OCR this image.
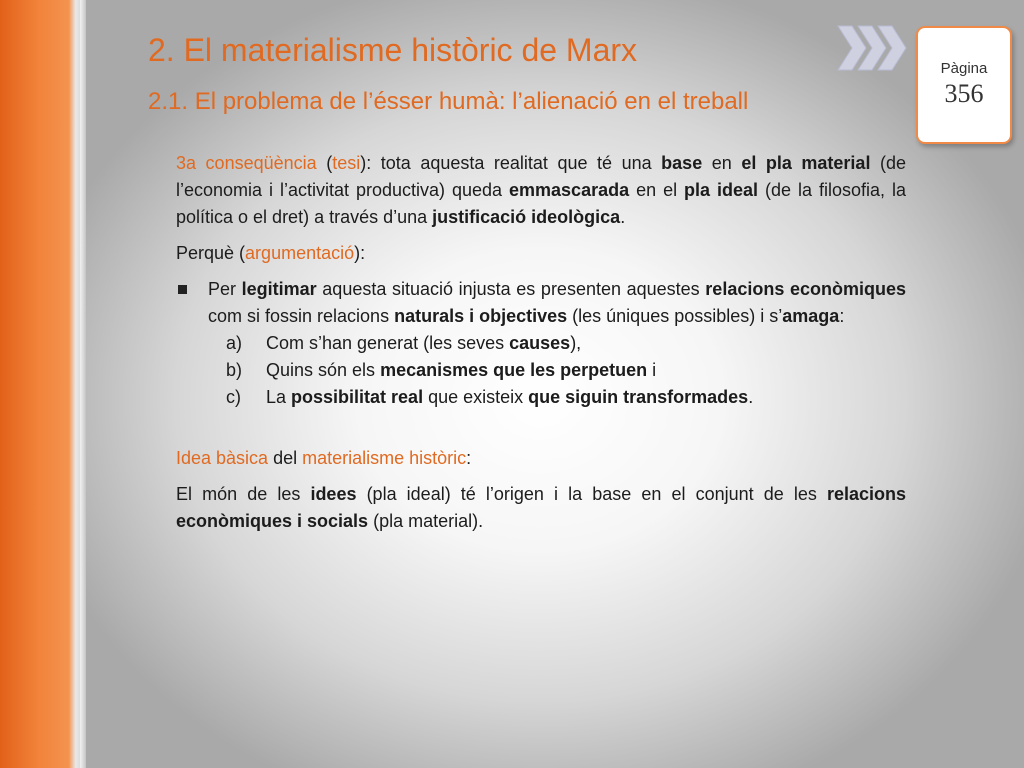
Pàgina
356
2. El materialisme històric de Marx
2.1. El problema de l’ésser humà: l’alienació en el treball

3a conseqüència (tesi): tota aquesta realitat que té una base en el pla material (de l’economia i l’activitat productiva) queda emmascarada en el pla ideal (de la filosofia, la política o el dret) a través d’una justificació ideològica.

Perquè (argumentació):

Per legitimar aquesta situació injusta es presenten aquestes relacions econòmiques com si fossin relacions naturals i objectives (les úniques possibles) i s’amaga:

a) Com s’han generat (les seves causes),

b) Quins són els mecanismes que les perpetuen i

c) La possibilitat real que existeix que siguin transformades.

Idea bàsica del materialisme històric:

El món de les idees (pla ideal) té l’origen i la base en el conjunt de les relacions econòmiques i socials (pla material).
